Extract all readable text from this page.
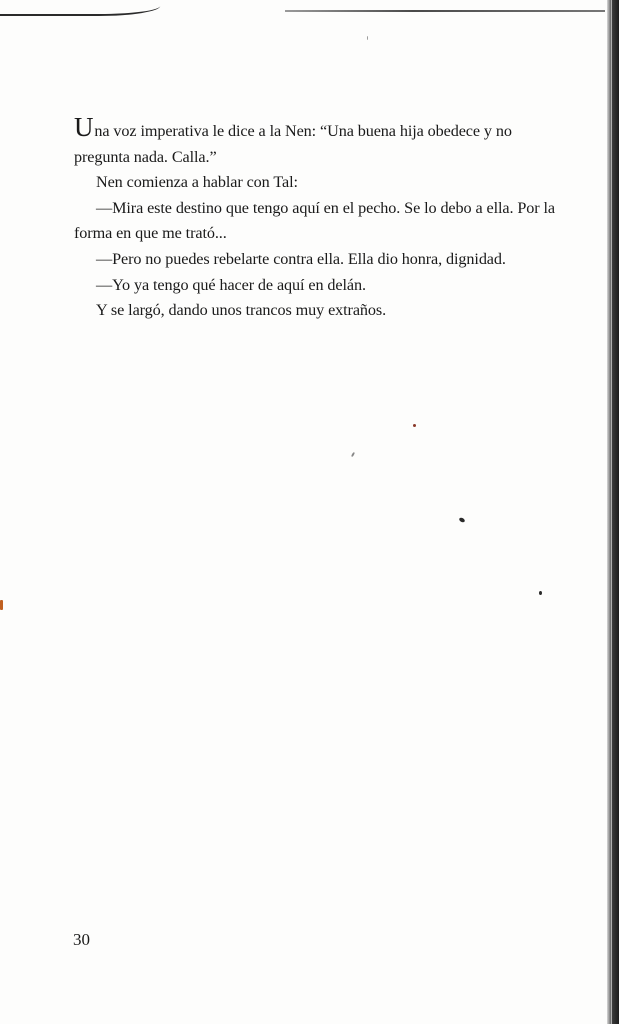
Una voz imperativa le dice a la Nen: “Una buena hija obedece y no pregunta nada. Calla.”

Nen comienza a hablar con Tal:

—Mira este destino que tengo aquí en el pecho. Se lo debo a ella. Por la forma en que me trató...

—Pero no puedes rebelarte contra ella. Ella dio honra, dignidad.

—Yo ya tengo qué hacer de aquí en delán.

Y se largó, dando unos trancos muy extraños.

30
